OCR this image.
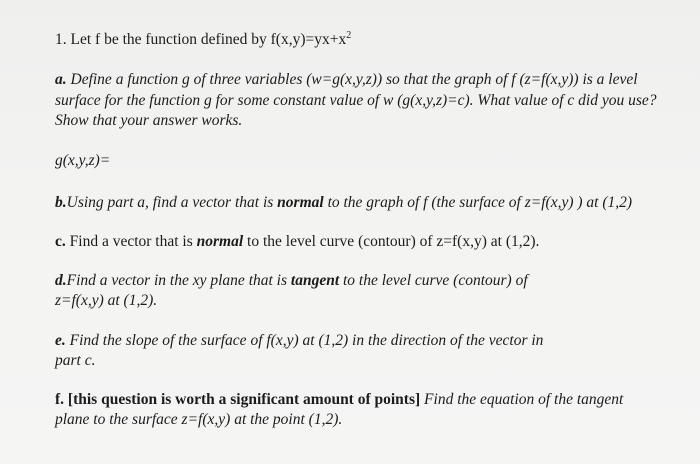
1. Let f be the function defined by $f(x,y)=yx+x^2$
a. Define a function g of three variables (w=g(x,y,z)) so that the graph of f (z=f(x,y)) is a level
surface for the function g for some constant value of w (g(x,y,z)=c). What value of c did you use?
Show that your answer works.
g(x,y,z)=
b.Using part a, find a vector that is normal to the graph of f (the surface of z=f(x,y) ) at (1,2)
c. Find a vector that is normal to the level curve (contour) of z=f(x,y) at (1,2).
d.Find a vector in the xy plane that is tangent to the level curve (contour) of
z=f(x,y) at (1,2).
e. Find the slope of the surface of f(x,y) at (1,2) in the direction of the vector in
part c.
f. [this question is worth a significant amount of points] Find the equation of the tangent
plane to the surface z=f(x,y) at the point (1,2).
